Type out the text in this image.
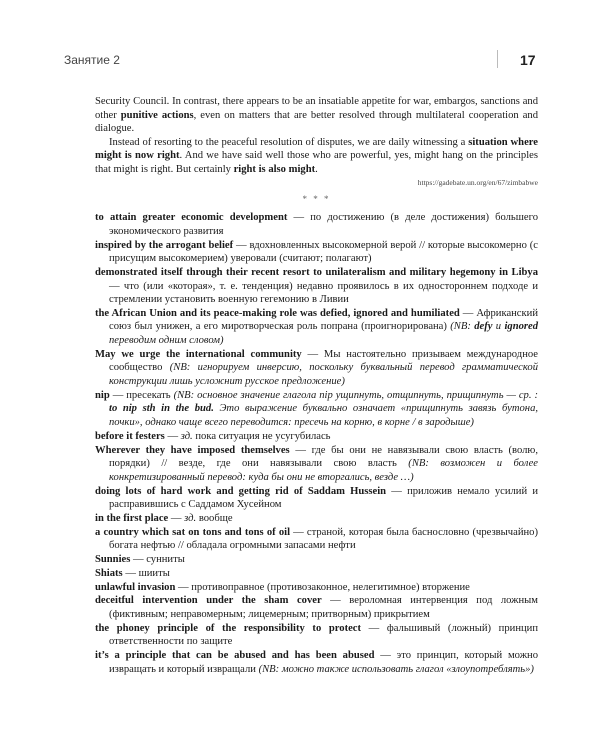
Занятие 2	17

Security Council. In contrast, there appears to be an insatiable appetite for war, embargos, sanctions and other punitive actions, even on matters that are better resolved through multilateral cooperation and dialogue.

Instead of resorting to the peaceful resolution of disputes, we are daily witnessing a situation where might is now right. And we have said well those who are powerful, yes, might hang on the principles that might is right. But certainly right is also might.

https://gadebate.un.org/en/67/zimbabwe

* * *

to attain greater economic development — по достижению (в деле достижения) большего экономического развития

inspired by the arrogant belief — вдохновленных высокомерной верой // которые высокомерно (с присущим высокомерием) уверовали (считают; полагают)

demonstrated itself through their recent resort to unilateralism and military hegemony in Libya — что (или «которая», т. е. тенденция) недавно проявилось в их одностороннем подходе и стремлении установить военную гегемонию в Ливии

the African Union and its peace-making role was defied, ignored and humiliated — Африканский союз был унижен, а его миротворческая роль попрана (проигнорирована) (NB: defy и ignored переводим одним словом)

May we urge the international community — Мы настоятельно призываем международное сообщество (NB: игнорируем инверсию, поскольку буквальный перевод грамматической конструкции лишь усложнит русское предложение)

nip — пресекать (NB: основное значение глагола nip ущипнуть, отщипнуть, прищипнуть — ср. : to nip sth in the bud. Это выражение буквально означает «прищипнуть завязь бутона, почки», однако чаще всего переводится: пресечь на корню, в корне / в зародыше)

before it festers — зд. пока ситуация не усугубилась

Wherever they have imposed themselves — где бы они не навязывали свою власть (волю, порядки) // везде, где они навязывали свою власть (NB: возможен и более конкретизированный перевод: куда бы они не вторгались, везде …)

doing lots of hard work and getting rid of Saddam Hussein — приложив немало усилий и расправившись с Саддамом Хусейном

in the first place — зд. вообще

a country which sat on tons and tons of oil — страной, которая была баснословно (чрезвычайно) богата нефтью // обладала огромными запасами нефти

Sunnies — сунниты

Shiats — шииты

unlawful invasion — противоправное (противозаконное, нелегитимное) вторжение

deceitful intervention under the sham cover — вероломная интервенция под ложным (фиктивным; неправомерным; лицемерным; притворным) прикрытием

the phoney principle of the responsibility to protect — фальшивый (ложный) принцип ответственности по защите

it’s a principle that can be abused and has been abused — это принцип, который можно извращать и который извращали (NB: можно также использовать глагол «злоупотреблять»)
